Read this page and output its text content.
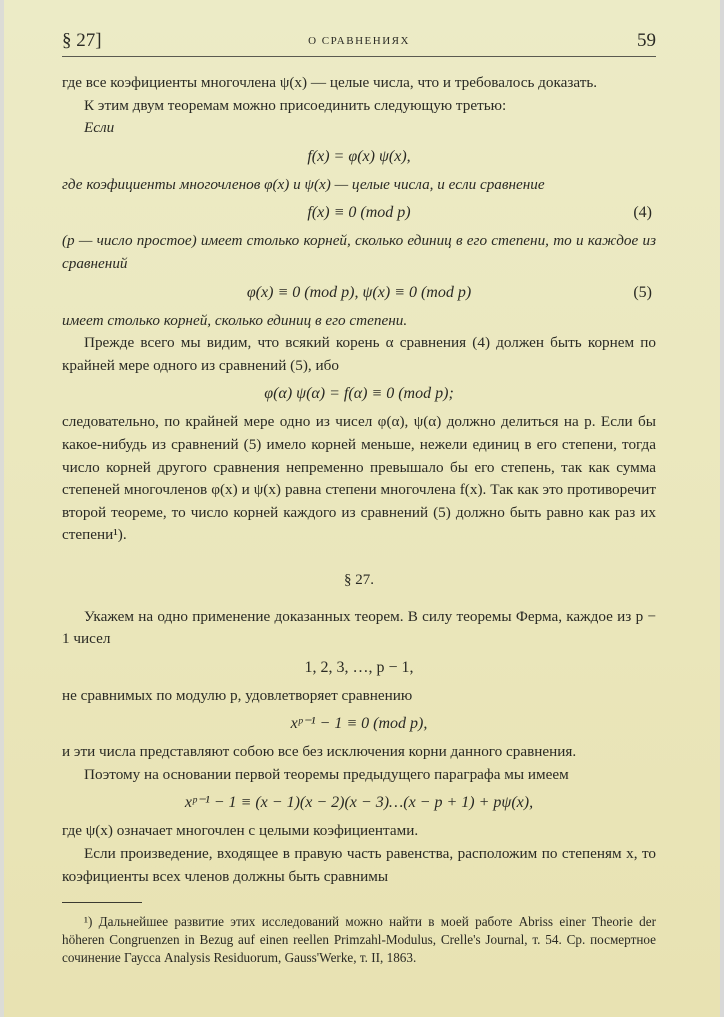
§ 27]	О СРАВНЕНИЯХ	59

где все коэфициенты многочлена ψ(x) — целые числа, что и требовалось доказать.

К этим двум теоремам можно присоединить следующую третью:

Если

f(x) = φ(x) ψ(x),

где коэфициенты многочленов φ(x) и ψ(x) — целые числа, и если сравнение

f(x) ≡ 0 (mod p)	(4)

(p — число простое) имеет столько корней, сколько единиц в его степени, то и каждое из сравнений

φ(x) ≡ 0 (mod p), ψ(x) ≡ 0 (mod p)	(5)

имеет столько корней, сколько единиц в его степени.

Прежде всего мы видим, что всякий корень α сравнения (4) должен быть корнем по крайней мере одного из сравнений (5), ибо

φ(α) ψ(α) = f(α) ≡ 0 (mod p);

следовательно, по крайней мере одно из чисел φ(α), ψ(α) должно делиться на p. Если бы какое-нибудь из сравнений (5) имело корней меньше, нежели единиц в его степени, тогда число корней другого сравнения непременно превышало бы его степень, так как сумма степеней многочленов φ(x) и ψ(x) равна степени многочлена f(x). Так как это противоречит второй теореме, то число корней каждого из сравнений (5) должно быть равно как раз их степени¹).

§ 27.

Укажем на одно применение доказанных теорем. В силу теоремы Ферма, каждое из p − 1 чисел

1, 2, 3, …, p − 1,

не сравнимых по модулю p, удовлетворяет сравнению

xᵖ⁻¹ − 1 ≡ 0 (mod p),

и эти числа представляют собою все без исключения корни данного сравнения.

Поэтому на основании первой теоремы предыдущего параграфа мы имеем

xᵖ⁻¹ − 1 ≡ (x − 1)(x − 2)(x − 3)…(x − p + 1) + pψ(x),

где ψ(x) означает многочлен с целыми коэфициентами.

Если произведение, входящее в правую часть равенства, расположим по степеням x, то коэфициенты всех членов должны быть сравнимы

¹) Дальнейшее развитие этих исследований можно найти в моей работе Abriss einer Theorie der höheren Congruenzen in Bezug auf einen reellen Primzahl-Modulus, Crelle's Journal, т. 54. Ср. посмертное сочинение Гаусса Analysis Residuorum, Gauss'Werke, т. II, 1863.
